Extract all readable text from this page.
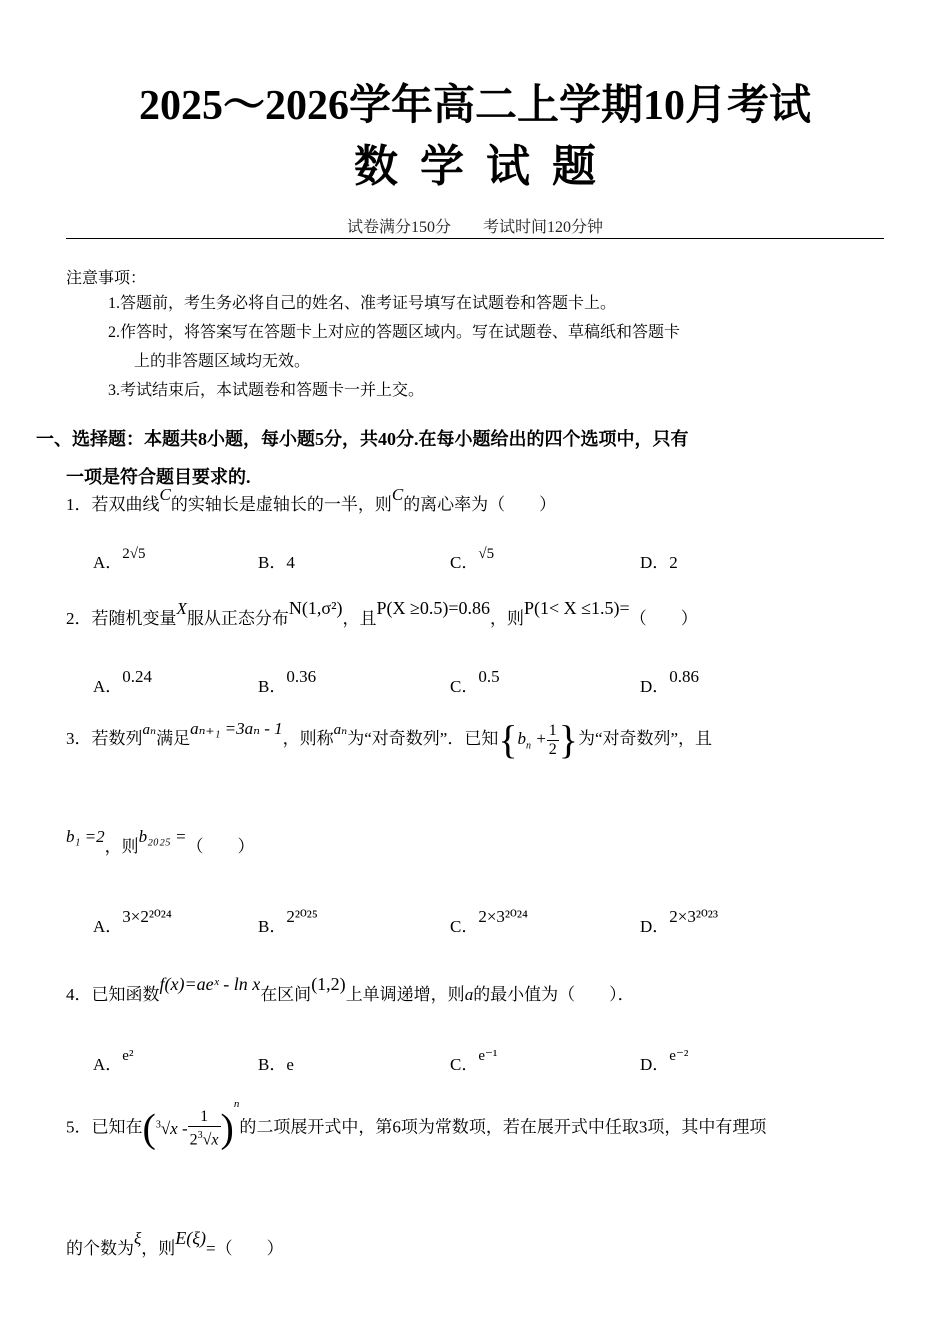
2025～2026学年高二上学期10月考试
数学试题
试卷满分150分 考试时间120分钟
注意事项：
1.答题前，考生务必将自己的姓名、准考证号填写在试题卷和答题卡上。
2.作答时，将答案写在答题卡上对应的答题区域内。写在试题卷、草稿纸和答题卡
上的非答题区域均无效。
3.考试结束后，本试题卷和答题卡一并上交。
一、选择题：本题共8小题，每小题5分，共40分.在每小题给出的四个选项中，只有
一项是符合题目要求的.
1．若双曲线C的实轴长是虚轴长的一半，则C的离心率为（　　）
A．2√5	B．4	C．√5	D．2
2．若随机变量X服从正态分布N(1,σ²)，且P(X ≥0.5)=0.86，则P(1< X ≤1.5)=（　　）
A．0.24
B．0.36
C．0.5
D．0.86
3．若数列aₙ满足aₙ₊₁ =3aₙ - 1，则称aₙ为“对奇数列”．已知{$b_n + \frac{1}{2}$ }为“对奇数列”，且
b₁ =2，则b₂₀₂₅ =（　　）
A．3×2²⁰²⁴
B．2²⁰²⁵
C．2×3²⁰²⁴
D．2×3²⁰²³
4．已知函数f(x)=aeˣ - ln x在区间(1,2)上单调递增，则a的最小值为（　　）．
A．e²	B．e	C．e⁻¹	D．e⁻²
5．已知在$(^3√x - \frac{1}{2^3√x} )^n$的二项展开式中，第6项为常数项，若在展开式中任取3项，其中有理项
的个数为ξ，则E(ξ)=（　　）
